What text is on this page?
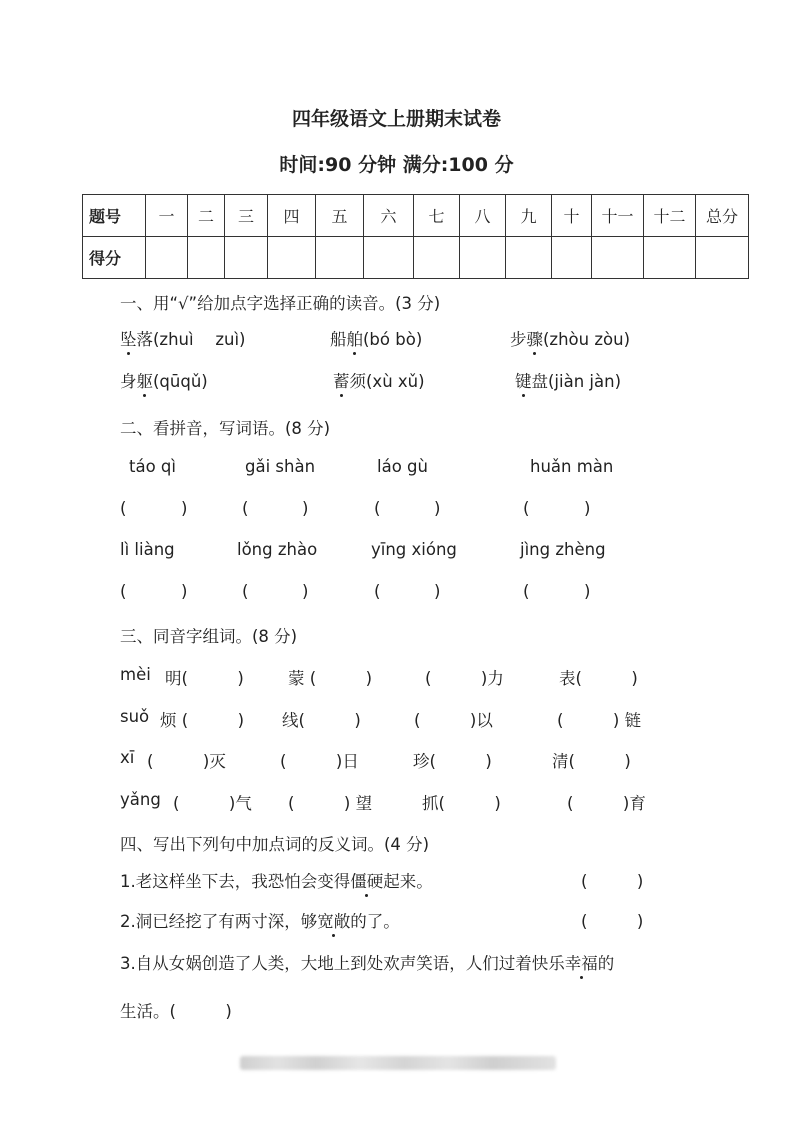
四年级语文上册期末试卷
时间:90 分钟 满分:100 分
题号	一	二	三	四	五	六	七	八	九	十	十一	十二	总分
得分													
一、用“√”给加点字选择正确的读音。(3 分)
坠落(zhuì　 zuì)	船舶(bó bò)	步骤(zhòu zòu)
身躯(qūqǔ)	蓄须(xù xǔ)	键盘(jiàn jàn)
二、看拼音，写词语。(8 分)
táo qì	gǎi shàn	láo gù	huǎn màn
(	)	(	)	(	)	(	)
lì liàng	lǒng zhào	yīng xióng	jìng zhèng
(	)	(	)	(	)	(	)
三、同音字组词。(8 分)
mèi 明(　　　)	蒙 (　　　)	(　　　)力	表(　　　)
suǒ 烦 (　　　) 线(　　　)	(　　　)以	(　　　) 链
xī (　　　)灭	(　　　)日	珍(　　　)	清(　　　)
yǎng (　　　)气 (　　　) 望	抓(　　　)	(　　　)育
四、写出下列句中加点词的反义词。(4 分)
1.老这样坐下去，我恐怕会变得僵硬起来。	(　　　)
2.洞已经挖了有两寸深，够宽敞的了。	(　　　)
3.自从女娲创造了人类，大地上到处欢声笑语，人们过着快乐幸福的
生活。(　　　)
